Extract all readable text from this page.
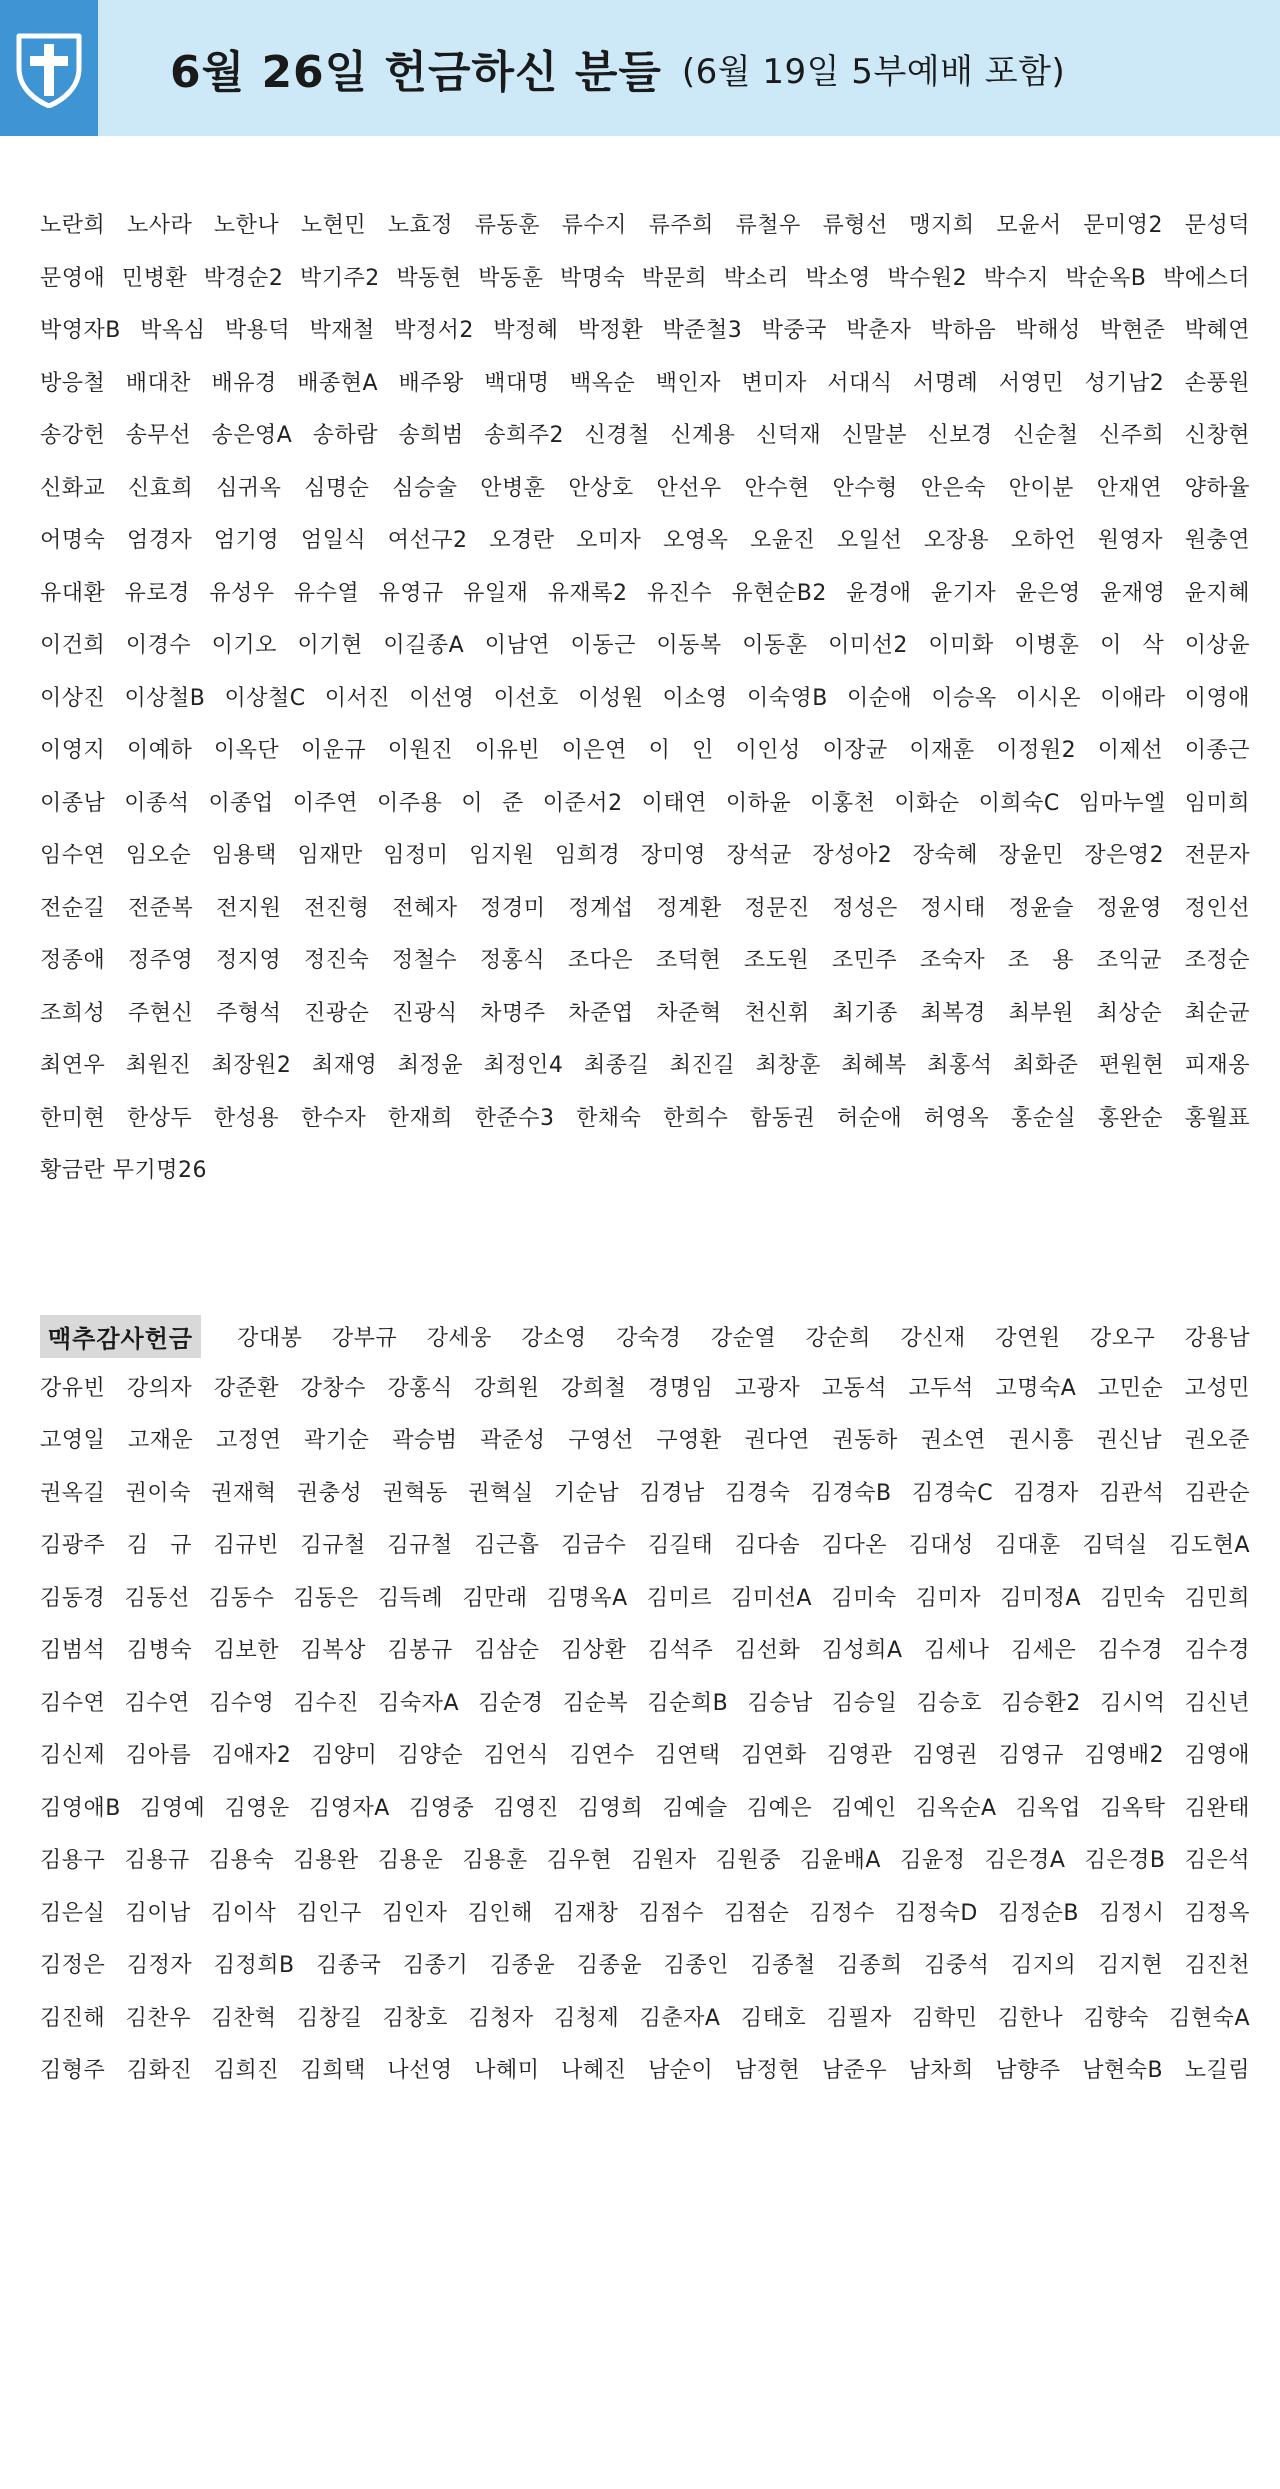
6월 26일 헌금하신 분들 (6월 19일 5부예배 포함)
노란희 노사라 노한나 노현민 노효정 류동훈 류수지 류주희 류철우 류형선 맹지희 모윤서 문미영2 문성덕
문영애 민병환 박경순2 박기주2 박동현 박동훈 박명숙 박문희 박소리 박소영 박수원2 박수지 박순옥B 박에스더
박영자B 박옥심 박용덕 박재철 박정서2 박정혜 박정환 박준철3 박중국 박춘자 박하음 박해성 박현준 박혜연
방응철 배대찬 배유경 배종현A 배주왕 백대명 백옥순 백인자 변미자 서대식 서명례 서영민 성기남2 손풍원
송강헌 송무선 송은영A 송하람 송희범 송희주2 신경철 신계용 신덕재 신말분 신보경 신순철 신주희 신창현
신화교 신효희 심귀옥 심명순 심승술 안병훈 안상호 안선우 안수현 안수형 안은숙 안이분 안재연 양하율
어명숙 엄경자 엄기영 엄일식 여선구2 오경란 오미자 오영옥 오윤진 오일선 오장용 오하언 원영자 원충연
유대환 유로경 유성우 유수열 유영규 유일재 유재록2 유진수 유현순B2 윤경애 윤기자 윤은영 윤재영 윤지혜
이건희 이경수 이기오 이기현 이길종A 이남연 이동근 이동복 이동훈 이미선2 이미화 이병훈 이 삭 이상윤
이상진 이상철B 이상철C 이서진 이선영 이선호 이성원 이소영 이숙영B 이순애 이승옥 이시온 이애라 이영애
이영지 이예하 이옥단 이운규 이원진 이유빈 이은연 이 인 이인성 이장균 이재훈 이정원2 이제선 이종근
이종남 이종석 이종업 이주연 이주용 이 준 이준서2 이태연 이하윤 이홍천 이화순 이희숙C 임마누엘 임미희
임수연 임오순 임용택 임재만 임정미 임지원 임희경 장미영 장석균 장성아2 장숙혜 장윤민 장은영2 전문자
전순길 전준복 전지원 전진형 전혜자 정경미 정계섭 정계환 정문진 정성은 정시태 정윤슬 정윤영 정인선
정종애 정주영 정지영 정진숙 정철수 정홍식 조다은 조덕현 조도원 조민주 조숙자 조 용 조익균 조정순
조희성 주현신 주형석 진광순 진광식 차명주 차준엽 차준혁 천신휘 최기종 최복경 최부원 최상순 최순균
최연우 최원진 최장원2 최재영 최정윤 최정인4 최종길 최진길 최창훈 최혜복 최홍석 최화준 편원현 피재옹
한미현 한상두 한성용 한수자 한재희 한준수3 한채숙 한희수 함동권 허순애 허영옥 홍순실 홍완순 홍월표
황금란 무기명26
맥추감사헌금	강대봉 강부규 강세웅 강소영 강숙경 강순열 강순희 강신재 강연원 강오구 강용남
강유빈 강의자 강준환 강창수 강홍식 강희원 강희철 경명임 고광자 고동석 고두석 고명숙A 고민순 고성민
고영일 고재운 고정연 곽기순 곽승범 곽준성 구영선 구영환 권다연 권동하 권소연 권시흥 권신남 권오준
권옥길 권이숙 권재혁 권충성 권혁동 권혁실 기순남 김경남 김경숙 김경숙B 김경숙C 김경자 김관석 김관순
김광주 김 규 김규빈 김규철 김규철 김근흡 김금수 김길태 김다솜 김다온 김대성 김대훈 김덕실 김도현A
김동경 김동선 김동수 김동은 김득례 김만래 김명옥A 김미르 김미선A 김미숙 김미자 김미정A 김민숙 김민희
김범석 김병숙 김보한 김복상 김봉규 김삼순 김상환 김석주 김선화 김성희A 김세나 김세은 김수경 김수경
김수연 김수연 김수영 김수진 김숙자A 김순경 김순복 김순희B 김승남 김승일 김승호 김승환2 김시억 김신년
김신제 김아름 김애자2 김양미 김양순 김언식 김연수 김연택 김연화 김영관 김영권 김영규 김영배2 김영애
김영애B 김영예 김영운 김영자A 김영중 김영진 김영희 김예슬 김예은 김예인 김옥순A 김옥업 김옥탁 김완태
김용구 김용규 김용숙 김용완 김용운 김용훈 김우현 김원자 김원중 김윤배A 김윤정 김은경A 김은경B 김은석
김은실 김이남 김이삭 김인구 김인자 김인해 김재창 김점수 김점순 김정수 김정숙D 김정순B 김정시 김정옥
김정은 김정자 김정희B 김종국 김종기 김종윤 김종윤 김종인 김종철 김종희 김중석 김지의 김지현 김진천
김진해 김찬우 김찬혁 김창길 김창호 김청자 김청제 김춘자A 김태호 김필자 김학민 김한나 김향숙 김현숙A
김형주 김화진 김희진 김희택 나선영 나혜미 나혜진 남순이 남정현 남준우 남차희 남향주 남현숙B 노길림
